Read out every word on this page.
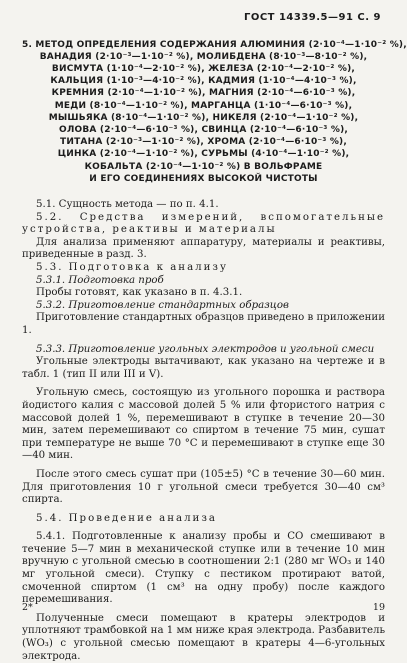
ГОСТ 14339.5—91 С. 9
5. МЕТОД ОПРЕДЕЛЕНИЯ СОДЕРЖАНИЯ АЛЮМИНИЯ (2·10⁻⁴—1·10⁻² %),
ВАНАДИЯ (2·10⁻³—1·10⁻² %), МОЛИБДЕНА (8·10⁻³—8·10⁻² %),
ВИСМУТА (1·10⁻⁴—2·10⁻² %), ЖЕЛЕЗА (2·10⁻⁴—2·10⁻² %),
КАЛЬЦИЯ (1·10⁻³—4·10⁻² %), КАДМИЯ (1·10⁻⁴—4·10⁻³ %),
КРЕМНИЯ (2·10⁻⁴—1·10⁻² %), МАГНИЯ (2·10⁻⁴—6·10⁻³ %),
МЕДИ (8·10⁻⁴—1·10⁻² %), МАРГАНЦА (1·10⁻⁴—6·10⁻³ %),
МЫШЬЯКА (8·10⁻⁴—1·10⁻² %), НИКЕЛЯ (2·10⁻⁴—1·10⁻² %),
ОЛОВА (2·10⁻⁴—6·10⁻³ %), СВИНЦА (2·10⁻⁴—6·10⁻³ %),
ТИТАНА (2·10⁻³—1·10⁻² %), ХРОМА (2·10⁻⁴—6·10⁻³ %),
ЦИНКА (2·10⁻⁴—1·10⁻² %), СУРЬМЫ (4·10⁻⁴—1·10⁻² %),
КОБАЛЬТА (2·10⁻⁴—1·10⁻² %) В ВОЛЬФРАМЕ
И ЕГО СОЕДИНЕНИЯХ ВЫСОКОЙ ЧИСТОТЫ

5.1. Сущность метода — по п. 4.1.

5.2. Средства измерений, вспомогательные устройства, реактивы и материалы

Для анализа применяют аппаратуру, материалы и реактивы, приведенные в разд. 3.

5.3. Подготовка к анализу

5.3.1. Подготовка проб

Пробы готовят, как указано в п. 4.3.1.

5.3.2. Приготовление стандартных образцов

Приготовление стандартных образцов приведено в приложении 1.

5.3.3. Приготовление угольных электродов и угольной смеси

Угольные электроды вытачивают, как указано на чертеже и в табл. 1 (тип II или III и V).

Угольную смесь, состоящую из угольного порошка и раствора йодистого калия с массовой долей 5 % или фтористого натрия с массовой долей 1 %, перемешивают в ступке в течение 20—30 мин, затем перемешивают со спиртом в течение 75 мин, сушат при температуре не выше 70 °С и перемешивают в ступке еще 30—40 мин.

После этого смесь сушат при (105±5) °С в течение 30—60 мин. Для приготовления 10 г угольной смеси требуется 30—40 см³ спирта.

5.4. Проведение анализа

5.4.1. Подготовленные к анализу пробы и СО смешивают в течение 5—7 мин в механической ступке или в течение 10 мин вручную с угольной смесью в соотношении 2:1 (280 мг WO₃ и 140 мг угольной смеси). Ступку с пестиком протирают ватой, смоченной спиртом (1 см³ на одну пробу) после каждого перемешивания.

Полученные смеси помещают в кратеры электродов и уплотняют трамбовкой на 1 мм ниже края электрода. Разбавитель (WO₃) с угольной смесью помещают в кратеры 4—6-угольных электрода.

2*	19
